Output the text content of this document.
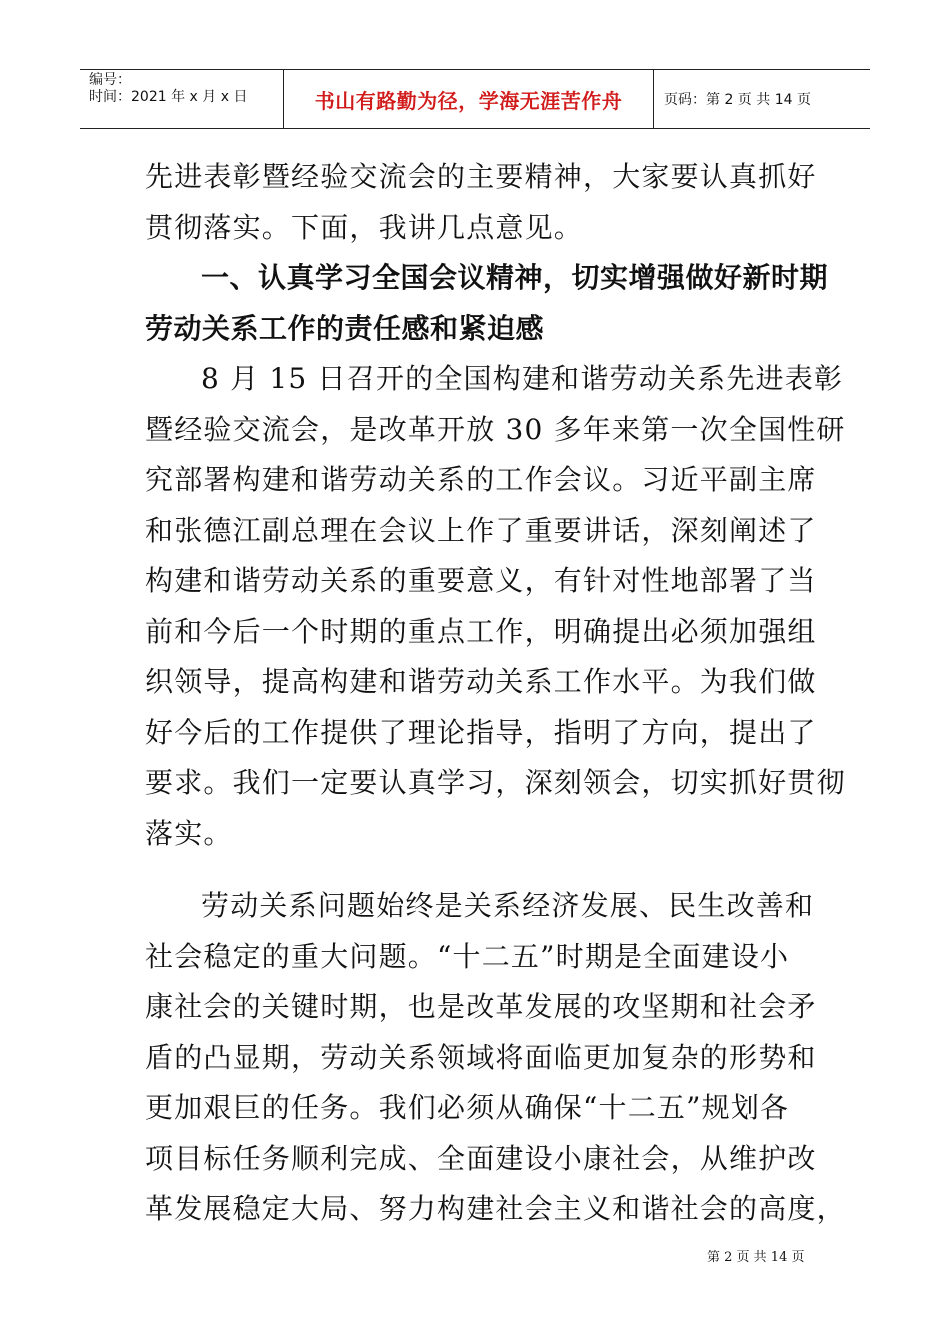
编号：
时间：2021 年 x 月 x 日	书山有路勤为径，学海无涯苦作舟	页码：第 2 页 共 14 页
先进表彰暨经验交流会的主要精神，大家要认真抓好
贯彻落实。下面，我讲几点意见。
一、认真学习全国会议精神，切实增强做好新时期
劳动关系工作的责任感和紧迫感
8 月 15 日召开的全国构建和谐劳动关系先进表彰
暨经验交流会，是改革开放 30 多年来第一次全国性研
究部署构建和谐劳动关系的工作会议。习近平副主席
和张德江副总理在会议上作了重要讲话，深刻阐述了
构建和谐劳动关系的重要意义，有针对性地部署了当
前和今后一个时期的重点工作，明确提出必须加强组
织领导，提高构建和谐劳动关系工作水平。为我们做
好今后的工作提供了理论指导，指明了方向，提出了
要求。我们一定要认真学习，深刻领会，切实抓好贯彻
落实。
劳动关系问题始终是关系经济发展、民生改善和
社会稳定的重大问题。“十二五”时期是全面建设小
康社会的关键时期，也是改革发展的攻坚期和社会矛
盾的凸显期，劳动关系领域将面临更加复杂的形势和
更加艰巨的任务。我们必须从确保“十二五”规划各
项目标任务顺利完成、全面建设小康社会，从维护改
革发展稳定大局、努力构建社会主义和谐社会的高度，
第 2 页 共 14 页
